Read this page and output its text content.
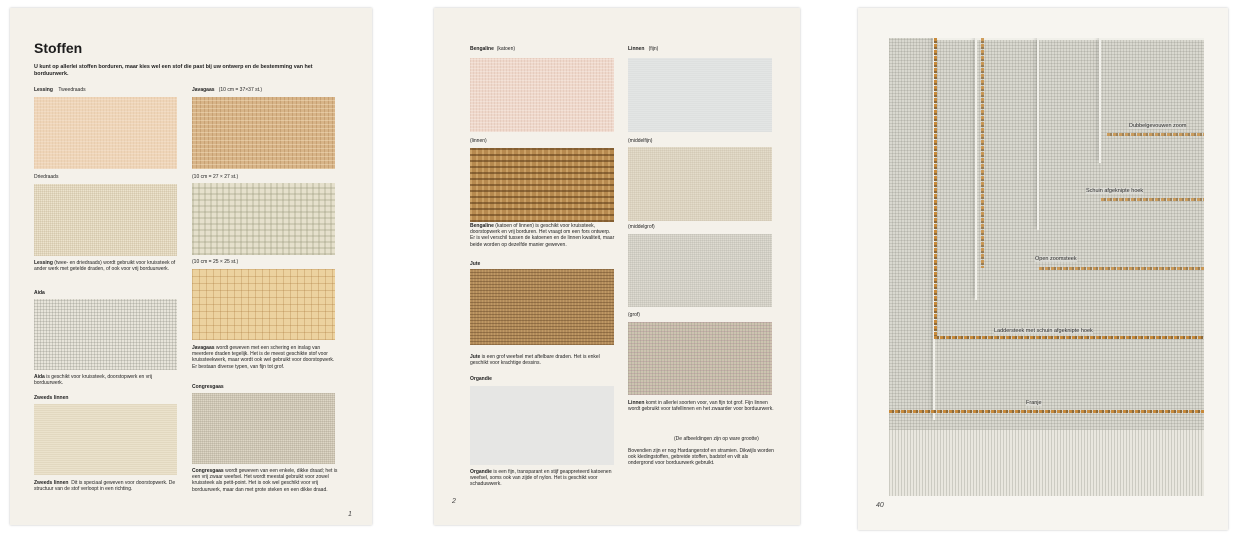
Stoffen
U kunt op allerlei stoffen borduren, maar kies wel een stof die past bij uw ontwerp en de bestemming van het borduurwerk.
Lessing Tweedraads
Driedraads
Lessing (twee- en driedraads) wordt gebruikt voor kruissteek of ander werk met getelde draden, of ook voor vrij borduurwerk.
Aida
Aida is geschikt voor kruissteek, doorstopwerk en vrij borduurwerk.
Zweeds linnen
Zweeds linnen Dit is speciaal geweven voor doorstopwerk. De structuur van de stof verloopt in een richting.
Javagaas (10 cm = 37×37 st.)
(10 cm = 27 × 27 st.)
(10 cm = 25 × 25 st.)
Javagaas wordt geweven met een schering en inslag van meerdere draden tegelijk. Het is de meest geschikte stof voor kruissteekwerk, maar wordt ook wel gebruikt voor doorstopwerk. Er bestaan diverse typen, van fijn tot grof.
Congresgaas
Congresgaas wordt geweven van een enkele, dikke draad; het is een vrij zwaar weefsel. Het wordt meestal gebruikt voor zowel kruissteek als petit-point. Het is ook wel geschikt voor vrij borduurwerk, maar dan met grote steken en een dikke draad.
1
Bengaline (katoen)
(linnen)
Bengaline (katoen of linnen) is geschikt voor kruissteek, doorstopwerk en vrij borduren. Het vraagt om een fors ontwerp. Er is wel verschil tussen de katoenen en de linnen kwaliteit, maar beide worden op dezelfde manier geweven.
Jute
Jute is een grof weefsel met aftelbare draden. Het is enkel geschikt voor krachtige dessins.
Organdie
Organdie is een fijn, transparant en stijf geappreteerd katoenen weefsel, soms ook van zijde of nylon. Het is geschikt voor schaduwwerk.
Linnen (fijn)
(middelfijn)
(middelgrof)
(grof)
Linnen komt in allerlei soorten voor, van fijn tot grof. Fijn linnen wordt gebruikt voor tafellinnen en het zwaarder voor borduurwerk.
(De afbeeldingen zijn op ware grootte)
Bovendien zijn er nog Hardangerstof en stramien. Dikwijls worden ook kledingstoffen, gebreide stoffen, badstof en vilt als ondergrond voor borduurwerk gebruikt.
2
Dubbelgevouwen zoom
Schuin afgeknipte hoek
Open zoomsteek
Laddersteek met schuin afgeknipte hoek
Franje
40
